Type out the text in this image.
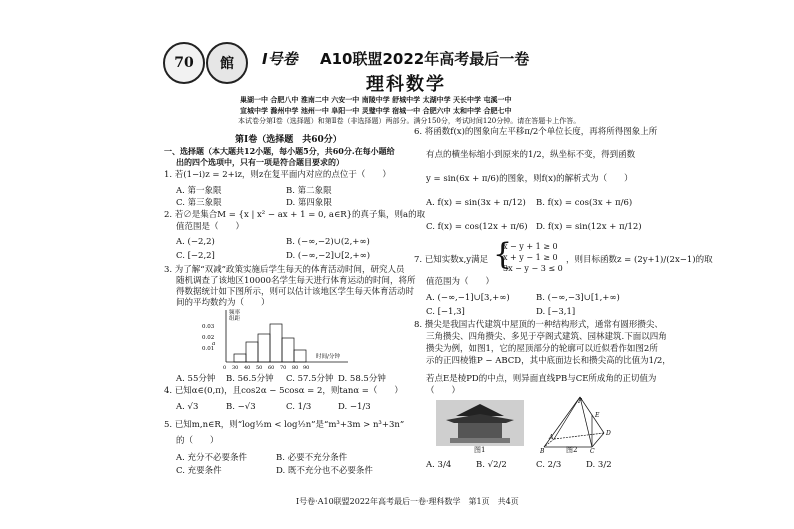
70	館	I号卷 A10联盟2022年高考最后一卷
理科数学
巢湖一中 合肥八中 淮南二中 六安一中 南陵中学 舒城中学 太湖中学 天长中学 屯溪一中
宣城中学 滁州中学 池州一中 阜阳一中 灵璧中学 宿城一中 合肥六中 太和中学 合肥七中
本试卷分第Ⅰ卷（选择题）和第Ⅱ卷（非选择题）两部分。满分150分，考试时间120分钟。请在答题卡上作答。
第Ⅰ卷（选择题　共60分）
一、选择题（本大题共12小题，每小题5分，共60分.在每小题给
出的四个选项中，只有一项是符合题目要求的）
1. 若(1−i)z = 2+iz，则z在复平面内对应的点位于（　　）
A. 第一象限	B. 第二象限
C. 第三象限	D. 第四象限
2. 若∅是集合M = {x | x² − ax + 1 = 0, a∈R}的真子集，则a的取
值范围是（　　）
A. (−2,2)	B. (−∞,−2)∪(2,+∞)
C. [−2,2]	D. (−∞,−2]∪[2,+∞)
3. 为了解“双减”政策实施后学生每天的体育活动时间，研究人员
随机调查了该地区10000名学生每天进行体育运动的时间，将所
得数据统计如下图所示，则可以估计该地区学生每天体育活动时
间的平均数约为（　　）
频率
组距
0.03
0.02
0.01
a
0 30 40 50 60 70 80 90
时间/分钟
A. 55分钟 B. 56.5分钟 C. 57.5分钟 D. 58.5分钟
4. 已知α∈(0,π)，且cos2α − 5cosα = 2，则tanα =（　　）
A. √3	B. −√3	C. 1/3	D. −1/3
5. 已知m,n∈R，则“log½m < log½n”是“m³+3m > n³+3n”
的（　　）
A. 充分不必要条件	B. 必要不充分条件
C. 充要条件	D. 既不充分也不必要条件
6. 将函数f(x)的图象向左平移π/2个单位长度，再将所得图象上所
有点的横坐标缩小到原来的1/2，纵坐标不变，得到函数
y = sin(6x + π/6)的图象，则f(x)的解析式为（　　）
A. f(x) = sin(3x + π/12) B. f(x) = cos(3x + π/6)
C. f(x) = cos(12x + π/6) D. f(x) = sin(12x + π/12)
7. 已知实数x,y满足 {
x − y + 1 ≥ 0
x + y − 1 ≥ 0
3x − y − 3 ≤ 0
，则目标函数z = (2y+1)/(2x−1)的取
值范围为（　　）
A. (−∞,−1]∪[3,+∞)	B. (−∞,−3]∪[1,+∞)
C. [−1,3]	D. [−3,1]
8. 攒尖是我国古代建筑中屋顶的一种结构形式，通常有圆形攒尖、
三角攒尖、四角攒尖、多见于亭阁式建筑、园林建筑.下面以四角
攒尖为例，如图1，它的屋顶部分的轮廓可以近似看作如图2所
示的正四棱锥P − ABCD，其中底面边长和攒尖高的比值为1/2，
若点E是棱PD的中点，则异面直线PB与CE所成角的正切值为
（　　）
图1
P
A
B	C
D
E
图2
A. 3/4	B. √2/2	C. 2/3	D. 3/2
I号卷·A10联盟2022年高考最后一卷·理科数学　第1页　共4页
